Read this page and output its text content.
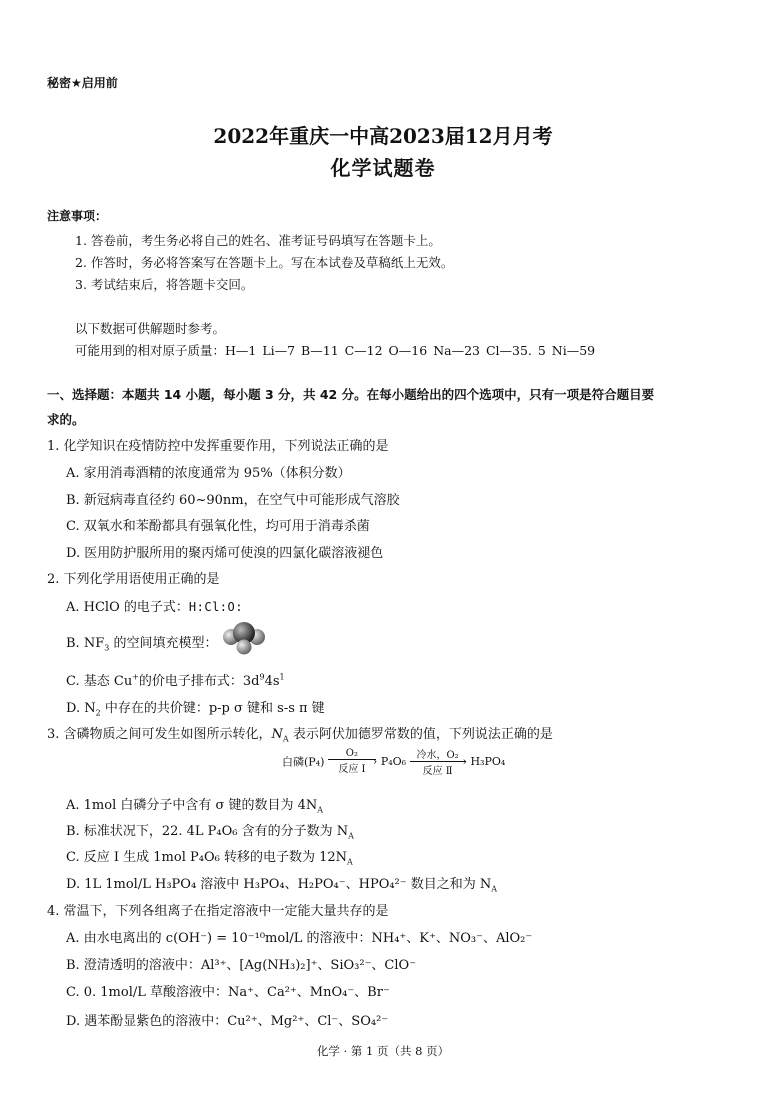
秘密★启用前
2022年重庆一中高2023届12月月考
化学试题卷
注意事项：
1. 答卷前，考生务必将自己的姓名、准考证号码填写在答题卡上。
2. 作答时，务必将答案写在答题卡上。写在本试卷及草稿纸上无效。
3. 考试结束后，将答题卡交回。
以下数据可供解题时参考。
可能用到的相对原子质量：H—1 Li—7 B—11 C—12 O—16 Na—23 Cl—35. 5 Ni—59
一、选择题：本题共 14 小题，每小题 3 分，共 42 分。在每小题给出的四个选项中，只有一项是符合题目要
求的。
1. 化学知识在疫情防控中发挥重要作用，下列说法正确的是
A. 家用消毒酒精的浓度通常为 95%（体积分数）
B. 新冠病毒直径约 60~90nm，在空气中可能形成气溶胶
C. 双氧水和苯酚都具有强氧化性，均可用于消毒杀菌
D. 医用防护服所用的聚丙烯可使溴的四氯化碳溶液褪色
2. 下列化学用语使用正确的是
A. HClO 的电子式：H:Cl:O:
B. $NF_3$ 的空间填充模型：
C. 基态 Cu+的价电子排布式：$3d^94s^1$
D. $N_2$ 中存在的共价键：p-p σ 键和 s-s π 键
3. 含磷物质之间可发生如图所示转化，$N_A$ 表示阿伏加德罗常数的值，下列说法正确的是
白磷(P₄)
O₂
反应 Ⅰ
› P₄O₆	冷水，O₂
反应 Ⅱ
› H₃PO₄
A. 1mol 白磷分子中含有 σ 键的数目为 $4N_A$
B. 标准状况下，22. 4L P₄O₆ 含有的分子数为 $N_A$
C. 反应 Ⅰ 生成 1mol P₄O₆ 转移的电子数为 $12N_A$
D. 1L 1mol/L H₃PO₄ 溶液中 H₃PO₄、H₂PO₄⁻、HPO₄²⁻ 数目之和为 $N_A$
4. 常温下，下列各组离子在指定溶液中一定能大量共存的是
A. 由水电离出的 c(OH⁻) = 10⁻¹⁰mol/L 的溶液中：NH₄⁺、K⁺、NO₃⁻、AlO₂⁻
B. 澄清透明的溶液中：Al³⁺、[Ag(NH₃)₂]⁺、SiO₃²⁻、ClO⁻
C. 0. 1mol/L 草酸溶液中：Na⁺、Ca²⁺、MnO₄⁻、Br⁻
D. 遇苯酚显紫色的溶液中：Cu²⁺、Mg²⁺、Cl⁻、SO₄²⁻
化学 · 第 1 页（共 8 页）
